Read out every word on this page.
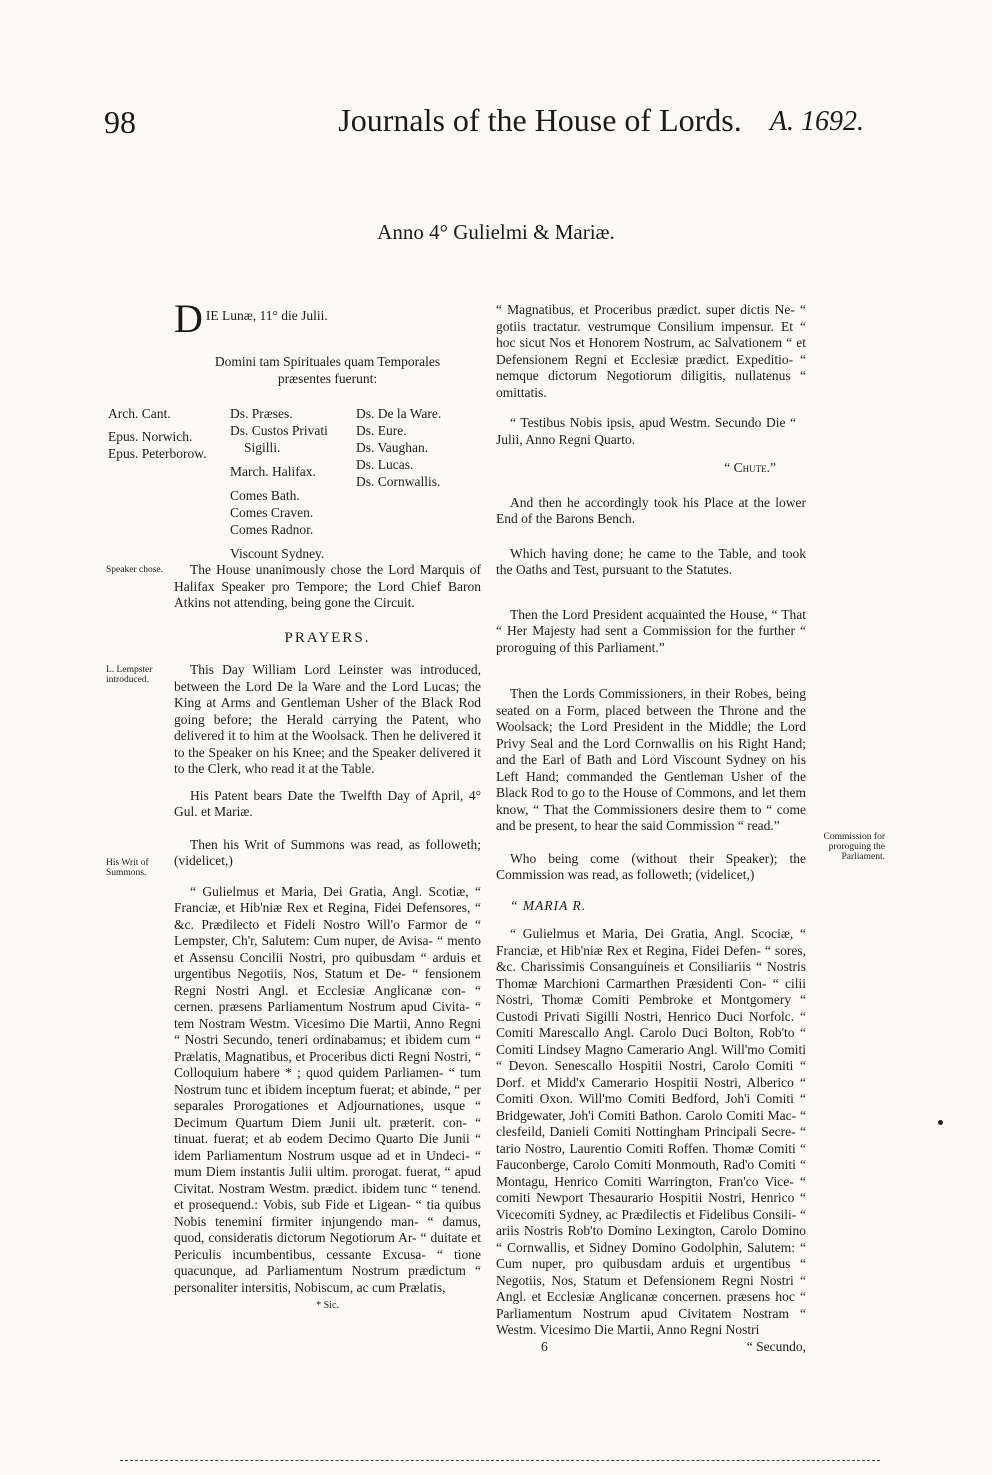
98	Journals of the House of Lords. A. 1692.
Anno 4° Gulielmi & Mariæ.

D IE Lunæ, 11° die Julii.

Domini tam Spirituales quam Temporales præsentes fuerunt:

Arch. Cant.
Epus. Norwich.
Epus. Peterborow.
Ds. Præses.
Ds. Custos Privati
Sigilli.
March. Halifax.
Comes Bath.
Comes Craven.
Comes Radnor.
Viscount Sydney.
Ds. De la Ware.
Ds. Eure.
Ds. Vaughan.
Ds. Lucas.
Ds. Cornwallis.
Speaker chose.
L. Lempster introduced.
His Writ of Summons.
Commission for proroguing the Parliament.

The House unanimously chose the Lord Marquis of Halifax Speaker pro Tempore; the Lord Chief Baron Atkins not attending, being gone the Circuit.

PRAYERS.

This Day William Lord Leinster was introduced, between the Lord De la Ware and the Lord Lucas; the King at Arms and Gentleman Usher of the Black Rod going before; the Herald carrying the Patent, who delivered it to him at the Woolsack. Then he delivered it to the Speaker on his Knee; and the Speaker delivered it to the Clerk, who read it at the Table.

His Patent bears Date the Twelfth Day of April, 4° Gul. et Mariæ.

Then his Writ of Summons was read, as followeth; (videlicet,)

“ Gulielmus et Maria, Dei Gratia, Angl. Scotiæ, “ Franciæ, et Hib'niæ Rex et Regina, Fidei Defensores, “ &c. Prædilecto et Fideli Nostro Will'o Farmor de “ Lempster, Ch'r, Salutem: Cum nuper, de Avisa- “ mento et Assensu Concilii Nostri, pro quibusdam “ arduis et urgentibus Negotiis, Nos, Statum et De- “ fensionem Regni Nostri Angl. et Ecclesiæ Anglicanæ con- “ cernen. præsens Parliamentum Nostrum apud Civita- “ tem Nostram Westm. Vicesimo Die Martii, Anno Regni “ Nostri Secundo, teneri ordinabamus; et ibidem cum “ Prælatis, Magnatibus, et Proceribus dicti Regni Nostri, “ Colloquium habere * ; quod quidem Parliamen- “ tum Nostrum tunc et ibidem inceptum fuerat; et abinde, “ per separales Prorogationes et Adjournationes, usque “ Decimum Quartum Diem Junii ult. præterit. con- “ tinuat. fuerat; et ab eodem Decimo Quarto Die Junii “ idem Parliamentum Nostrum usque ad et in Undeci- “ mum Diem instantis Julii ultim. prorogat. fuerat, “ apud Civitat. Nostram Westm. prædict. ibidem tunc “ tenend. et prosequend.: Vobis, sub Fide et Ligean- “ tia quibus Nobis teneminí firmiter injungendo man- “ damus, quod, consideratis dictorum Negotiorum Ar- “ duitate et Periculis incumbentibus, cessante Excusa- “ tione quacunque, ad Parliamentum Nostrum prædictum “ personaliter intersitis, Nobiscum, ac cum Prælatis,

* Sic.

“ Magnatibus, et Proceribus prædict. super dictis Ne- “ gotiis tractatur. vestrumque Consilium impensur. Et “ hoc sicut Nos et Honorem Nostrum, ac Salvationem “ et Defensionem Regni et Ecclesiæ prædict. Expeditio- “ nemque dictorum Negotiorum diligitis, nullatenus “ omittatis.

“ Testibus Nobis ipsis, apud Westm. Secundo Die “ Julii, Anno Regni Quarto.

“ Chute.”

And then he accordingly took his Place at the lower End of the Barons Bench.

Which having done; he came to the Table, and took the Oaths and Test, pursuant to the Statutes.

Then the Lord President acquainted the House, “ That “ Her Majesty had sent a Commission for the further “ proroguing of this Parliament.”

Then the Lords Commissioners, in their Robes, being seated on a Form, placed between the Throne and the Woolsack; the Lord President in the Middle; the Lord Privy Seal and the Lord Cornwallis on his Right Hand; and the Earl of Bath and Lord Viscount Sydney on his Left Hand; commanded the Gentleman Usher of the Black Rod to go to the House of Commons, and let them know, “ That the Commissioners desire them to “ come and be present, to hear the said Commission “ read.”

Who being come (without their Speaker); the Commission was read, as followeth; (videlicet,)

“ MARIA R.

“ Gulielmus et Maria, Dei Gratia, Angl. Scociæ, “ Franciæ, et Hib'niæ Rex et Regina, Fidei Defen- “ sores, &c. Charissimis Consanguineis et Consiliariis “ Nostris Thomæ Marchioni Carmarthen Præsidenti Con- “ cilii Nostri, Thomæ Comiti Pembroke et Montgomery “ Custodi Privati Sigilli Nostri, Henrico Duci Norfolc. “ Comiti Marescallo Angl. Carolo Duci Bolton, Rob'to “ Comiti Lindsey Magno Camerario Angl. Will'mo Comiti “ Devon. Senescallo Hospitii Nostri, Carolo Comiti “ Dorf. et Midd'x Camerario Hospitii Nostri, Alberico “ Comiti Oxon. Will'mo Comiti Bedford, Joh'i Comiti “ Bridgewater, Joh'i Comiti Bathon. Carolo Comiti Mac- “ clesfeild, Danieli Comiti Nottingham Principali Secre- “ tario Nostro, Laurentio Comiti Roffen. Thomæ Comiti “ Fauconberge, Carolo Comiti Monmouth, Rad'o Comiti “ Montagu, Henrico Comiti Warrington, Fran'co Vice- “ comiti Newport Thesaurario Hospitii Nostri, Henrico “ Vicecomiti Sydney, ac Prædilectis et Fidelibus Consili- “ ariis Nostris Rob'to Domino Lexington, Carolo Domino “ Cornwallis, et Sidney Domino Godolphin, Salutem: “ Cum nuper, pro quibusdam arduis et urgentibus “ Negotiis, Nos, Statum et Defensionem Regni Nostri “ Angl. et Ecclesiæ Anglicanæ concernen. præsens hoc “ Parliamentum Nostrum apud Civitatem Nostram “ Westm. Vicesimo Die Martii, Anno Regni Nostri

6	“ Secundo,
